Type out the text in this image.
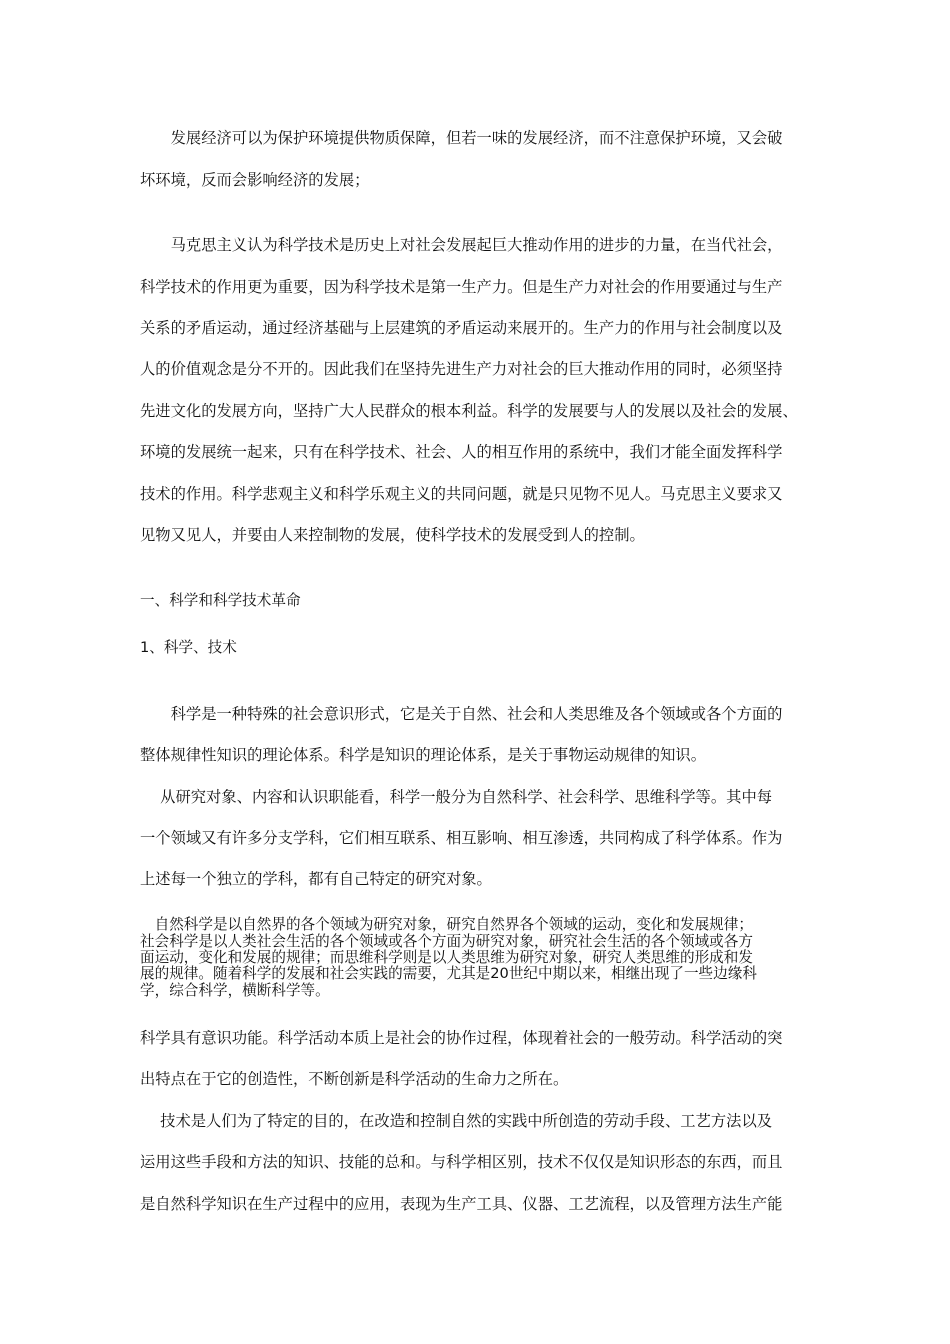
　　发展经济可以为保护环境提供物质保障，但若一味的发展经济，而不注意保护环境，又会破
坏环境，反而会影响经济的发展；
　　马克思主义认为科学技术是历史上对社会发展起巨大推动作用的进步的力量，在当代社会，
科学技术的作用更为重要，因为科学技术是第一生产力。但是生产力对社会的作用要通过与生产
关系的矛盾运动，通过经济基础与上层建筑的矛盾运动来展开的。生产力的作用与社会制度以及
人的价值观念是分不开的。因此我们在坚持先进生产力对社会的巨大推动作用的同时，必须坚持
先进文化的发展方向，坚持广大人民群众的根本利益。科学的发展要与人的发展以及社会的发展、
环境的发展统一起来，只有在科学技术、社会、人的相互作用的系统中，我们才能全面发挥科学
技术的作用。科学悲观主义和科学乐观主义的共同问题，就是只见物不见人。马克思主义要求又
见物又见人，并要由人来控制物的发展，使科学技术的发展受到人的控制。
一、科学和科学技术革命
1、科学、技术
　　科学是一种特殊的社会意识形式，它是关于自然、社会和人类思维及各个领域或各个方面的
整体规律性知识的理论体系。科学是知识的理论体系，是关于事物运动规律的知识。
　 从研究对象、内容和认识职能看，科学一般分为自然科学、社会科学、思维科学等。其中每
一个领域又有许多分支学科，它们相互联系、相互影响、相互渗透，共同构成了科学体系。作为
上述每一个独立的学科，都有自己特定的研究对象。
　自然科学是以自然界的各个领域为研究对象，研究自然界各个领域的运动，变化和发展规律；
社会科学是以人类社会生活的各个领域或各个方面为研究对象，研究社会生活的各个领域或各方
面运动，变化和发展的规律；而思维科学则是以人类思维为研究对象，研究人类思维的形成和发
展的规律。随着科学的发展和社会实践的需要，尤其是20世纪中期以来，相继出现了一些边缘科
学，综合科学，横断科学等。
科学具有意识功能。科学活动本质上是社会的协作过程，体现着社会的一般劳动。科学活动的突
出特点在于它的创造性，不断创新是科学活动的生命力之所在。
　 技术是人们为了特定的目的，在改造和控制自然的实践中所创造的劳动手段、工艺方法以及
运用这些手段和方法的知识、技能的总和。与科学相区别，技术不仅仅是知识形态的东西，而且
是自然科学知识在生产过程中的应用，表现为生产工具、仪器、工艺流程，以及管理方法生产能
